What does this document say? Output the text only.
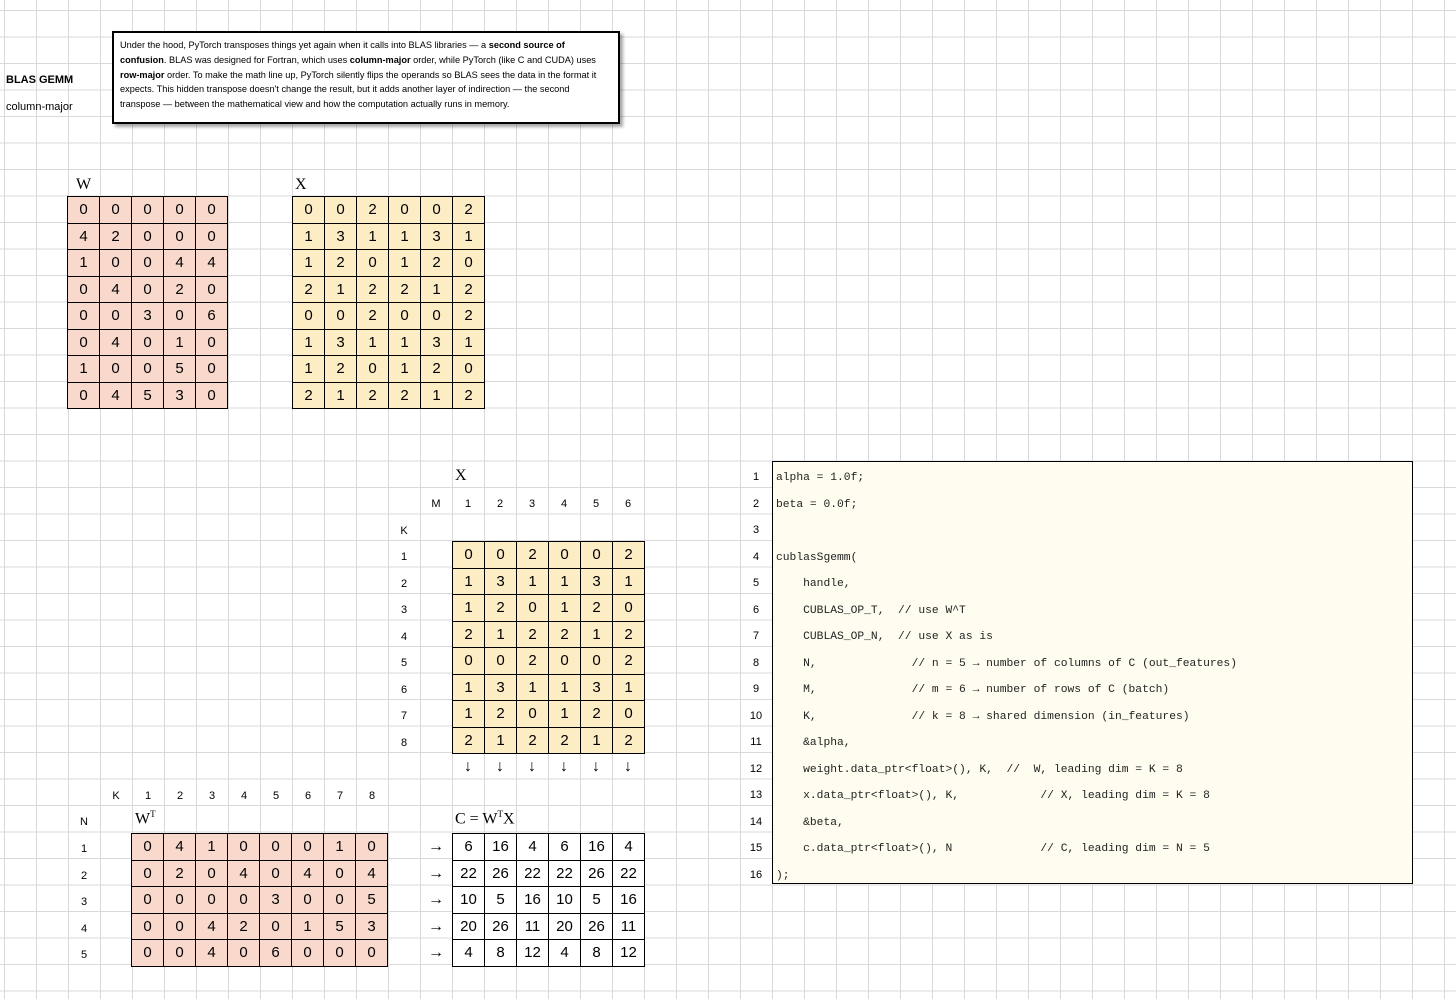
BLAS GEMM
column-major
Under the hood, PyTorch transposes things yet again when it calls into BLAS libraries — a second source of confusion. BLAS was designed for Fortran, which uses column-major order, while PyTorch (like C and CUDA) uses row-major order. To make the math line up, PyTorch silently flips the operands so BLAS sees the data in the format it expects. This hidden transpose doesn't change the result, but it adds another layer of indirection — the second transpose — between the mathematical view and how the computation actually runs in memory.
W	X
X
$W^T$	$C = W^TX$
M
K
K
N
1	2	3	4	5	6
1
2
3
4
5
6
7
8
1	2	3	4	5	6	7	8
1
2
3
4
5
0	0	0	0	0
4	2	0	0	0
1	0	0	4	4
0	4	0	2	0
0	0	3	0	6
0	4	0	1	0
1	0	0	5	0
0	4	5	3	0
0	0	2	0	0	2
1	3	1	1	3	1
1	2	0	1	2	0
2	1	2	2	1	2
0	0	2	0	0	2
1	3	1	1	3	1
1	2	0	1	2	0
2	1	2	2	1	2
0	0	2	0	0	2
1	3	1	1	3	1
1	2	0	1	2	0
2	1	2	2	1	2
0	0	2	0	0	2
1	3	1	1	3	1
1	2	0	1	2	0
2	1	2	2	1	2
0	4	1	0	0	0	1	0
0	2	0	4	0	4	0	4
0	0	0	0	3	0	0	5
0	0	4	2	0	1	5	3
0	0	4	0	6	0	0	0
6	16	4	6	16	4
22	26	22	22	26	22
10	5	16	10	5	16
20	26	11	20	26	11
4	8	12	4	8	12
↓	↓	↓	↓	↓	↓
→
→
→
→
→
1
2
3
4
5
6
7
8
9
10
11
12
13
14
15
16
alpha = 1.0f;
beta = 0.0f;
cublasSgemm(
handle,
CUBLAS_OP_T,  // use W^T
CUBLAS_OP_N,  // use X as is
N,              // n = 5 → number of columns of C (out_features)
M,              // m = 6 → number of rows of C (batch)
K,              // k = 8 → shared dimension (in_features)
&alpha,
weight.data_ptr<float>(), K,  //  W, leading dim = K = 8
x.data_ptr<float>(), K,            // X, leading dim = K = 8
&beta,
c.data_ptr<float>(), N             // C, leading dim = N = 5
);
